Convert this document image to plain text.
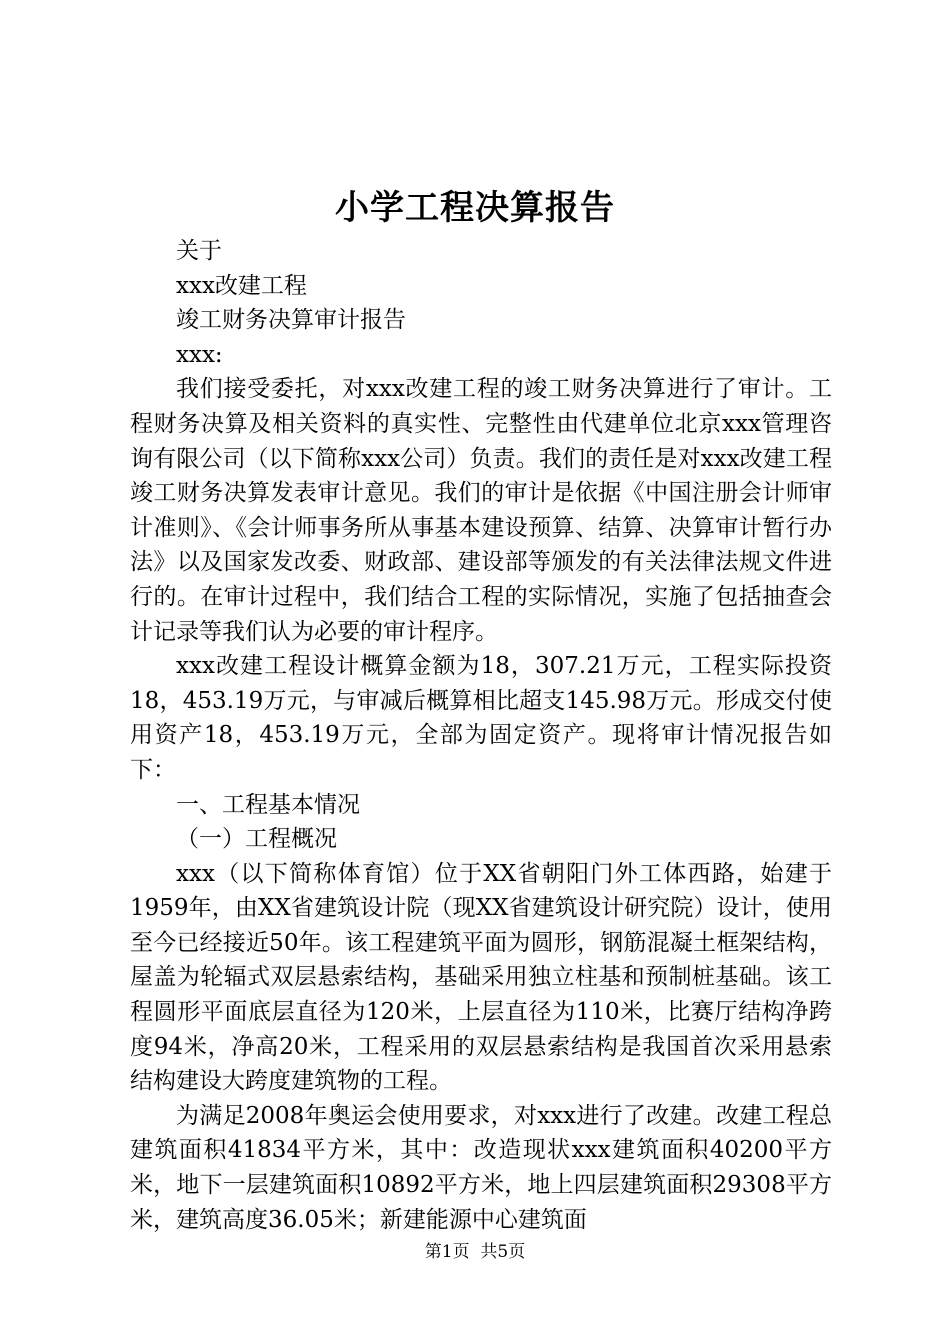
小学工程决算报告

关于

xxx改建工程

竣工财务决算审计报告

xxx:

我们接受委托，对xxx改建工程的竣工财务决算进行了审计。工程财务决算及相关资料的真实性、完整性由代建单位北京xxx管理咨询有限公司（以下简称xxx公司）负责。我们的责任是对xxx改建工程竣工财务决算发表审计意见。我们的审计是依据《中国注册会计师审计准则》、《会计师事务所从事基本建设预算、结算、决算审计暂行办法》以及国家发改委、财政部、建设部等颁发的有关法律法规文件进行的。在审计过程中，我们结合工程的实际情况，实施了包括抽查会计记录等我们认为必要的审计程序。

xxx改建工程设计概算金额为18，307.21万元，工程实际投资18，453.19万元，与审减后概算相比超支145.98万元。形成交付使用资产18，453.19万元，全部为固定资产。现将审计情况报告如下：

一、工程基本情况

（一）工程概况

xxx（以下简称体育馆）位于XX省朝阳门外工体西路，始建于1959年，由XX省建筑设计院（现XX省建筑设计研究院）设计，使用至今已经接近50年。该工程建筑平面为圆形，钢筋混凝土框架结构，屋盖为轮辐式双层悬索结构，基础采用独立柱基和预制桩基础。该工程圆形平面底层直径为120米，上层直径为110米，比赛厅结构净跨度94米，净高20米，工程采用的双层悬索结构是我国首次采用悬索结构建设大跨度建筑物的工程。

为满足2008年奥运会使用要求，对xxx进行了改建。改建工程总建筑面积41834平方米，其中：改造现状xxx建筑面积40200平方米，地下一层建筑面积10892平方米，地上四层建筑面积29308平方米，建筑高度36.05米；新建能源中心建筑面

第1页 共5页
